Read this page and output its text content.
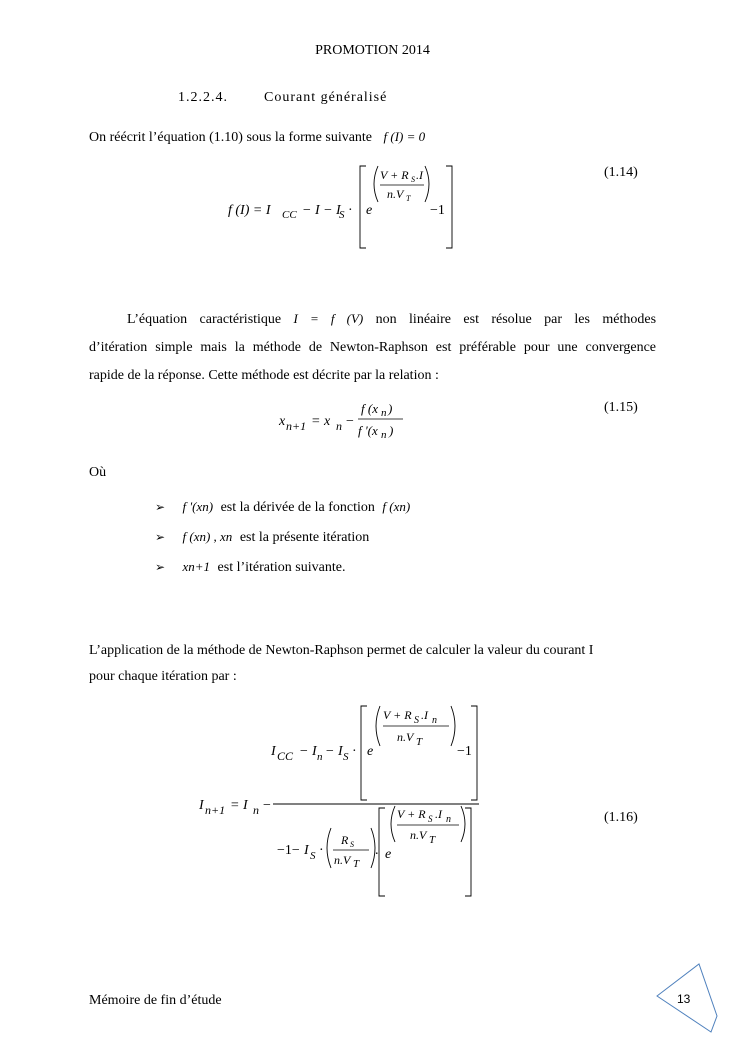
PROMOTION 2014
1.2.2.4.	Courant généralisé
On réécrit l’équation (1.10) sous la forme suivante f (I) = 0
f (I) = I CC − I − I
S · e
V + R S .I
n.V T
−1
(1.14)
L’équation caractéristique I = f (V) non linéaire est résolue par les méthodes
d’itération simple mais la méthode de Newton-Raphson est préférable pour une convergence
rapide de la réponse. Cette méthode est décrite par la relation :
x n+1 = x n −
f (x n )
f '(x n )
(1.15)
Où
➢ f '(xn) est la dérivée de la fonction f (xn)
➢ f (xn) , xn est la présente itération
➢ xn+1 est l’itération suivante.
L’application de la méthode de Newton-Raphson permet de calculer la valeur du courant I
pour chaque itération par :
I n+1 = I n −
I CC − I n − I S · e
V + R S .I n
n.V T
−1
−1− I S ·
R S
n.V T
. e
V + R S .I n
n.V T
(1.16)
Mémoire de fin d’étude	13
